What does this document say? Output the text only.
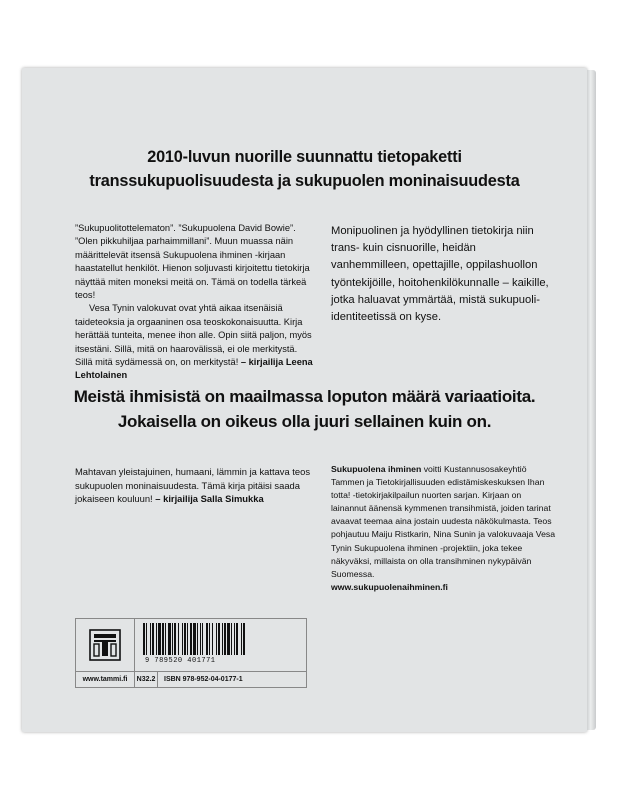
2010-luvun nuorille suunnattu tietopaketti
transsukupuolisuudesta ja sukupuolen moninaisuudesta

”Sukupuolitottelematon”. ”Sukupuolena David Bowie”. ”Olen pikkuhiljaa parhaimmillani”. Muun muassa näin määrittelevät itsensä Sukupuolena ihminen -kirjaan haastatellut henkilöt. Hienon soljuvasti kirjoitettu tietokirja näyttää miten moneksi meitä on. Tämä on todella tärkeä teos!

Vesa Tynin valokuvat ovat yhtä aikaa itsenäisiä taideteoksia ja orgaaninen osa teoskokonaisuutta. Kirja herättää tunteita, menee ihon alle. Opin siitä paljon, myös itsestäni. Sillä, mitä on haarovälissä, ei ole merkitystä. Sillä mitä sydämessä on, on merkitystä! – kirjailija Leena Lehtolainen

Monipuolinen ja hyödyllinen tietokirja niin trans- kuin cisnuorille, heidän vanhemmilleen, opettajille, oppilashuollon työntekijöille, hoitohenkilökunnalle – kaikille, jotka haluavat ymmärtää, mistä sukupuoli-identiteetissä on kyse.

Meistä ihmisistä on maailmassa loputon määrä variaatioita.
Jokaisella on oikeus olla juuri sellainen kuin on.

Mahtavan yleistajuinen, humaani, lämmin ja kattava teos sukupuolen moninaisuudesta. Tämä kirja pitäisi saada jokaiseen kouluun! – kirjailija Salla Simukka

Sukupuolena ihminen voitti Kustannusosakeyhtiö Tammen ja Tietokirjallisuuden edistämiskeskuksen Ihan totta! -tietokirjakilpailun nuorten sarjan. Kirjaan on lainannut äänensä kymmenen transihmistä, joiden tarinat avaavat teemaa aina jostain uudesta näkökulmasta. Teos pohjautuu Maiju Ristkarin, Nina Sunin ja valokuvaaja Vesa Tynin Sukupuolena ihminen -projektiin, joka tekee näkyväksi, millaista on olla transihminen nykypäivän Suomessa.

www.sukupuolenaihminen.fi

9 789520 401771
www.tammi.fi	N32.2	ISBN 978-952-04-0177-1
